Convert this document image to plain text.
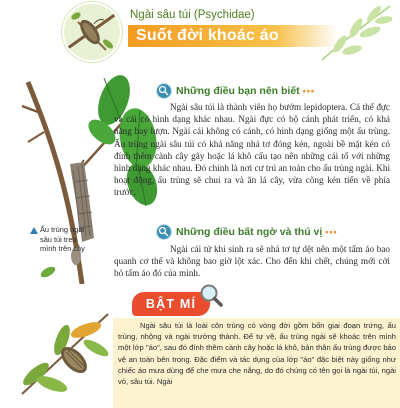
Ngài sâu túi (Psychidae)
Suốt đời khoác áo
Ấu trùng ngài sâu túi treo mình trên cây
Những điều bạn nên biết •••
Ngài sâu túi là thành viên họ bướm lepidoptera. Cá thể đực và cái có hình dạng khác nhau. Ngài đực có bộ cánh phát triển, có khả năng bay lượn. Ngài cái không có cánh, có hình dạng giống một ấu trùng. Ấu trùng ngài sâu túi có khả năng nhả tơ đóng kén, ngoài bề mặt kén có đính thêm cành cây gãy hoặc lá khô cấu tạo nên những cái tổ với những hình dạng khác nhau. Đó chính là nơi cư trú an toàn cho ấu trùng ngài. Khi hoạt động, ấu trùng sẽ chui ra và ăn lá cây, vừa cõng kén tiến về phía trước.
Những điều bất ngờ và thú vị •••
Ngài cái tử khi sinh ra sẽ nhả tơ tự dệt nên một tấm áo bao quanh cơ thể và không bao giờ lột xác. Cho đến khi chết, chúng mới cởi bỏ tấm áo đó của mình.
BẬT MÍ
Ngài sâu túi là loài côn trùng có vòng đời gồm bốn giai đoạn trứng, ấu trùng, nhộng và ngài trưởng thành. Để tự vệ, ấu trùng ngài sẽ khoác trên mình một lớp "áo", sau đó đính thêm cành cây hoặc lá khô, bản thân ấu trùng được bảo vệ an toàn bên trong. Đặc điểm và tác dụng của lớp "áo" đặc biệt này giống như chiếc áo mưa dùng để che mưa che nắng, do đó chúng có tên gọi là ngài túi, ngài vỏ, sâu túi. Ngài
